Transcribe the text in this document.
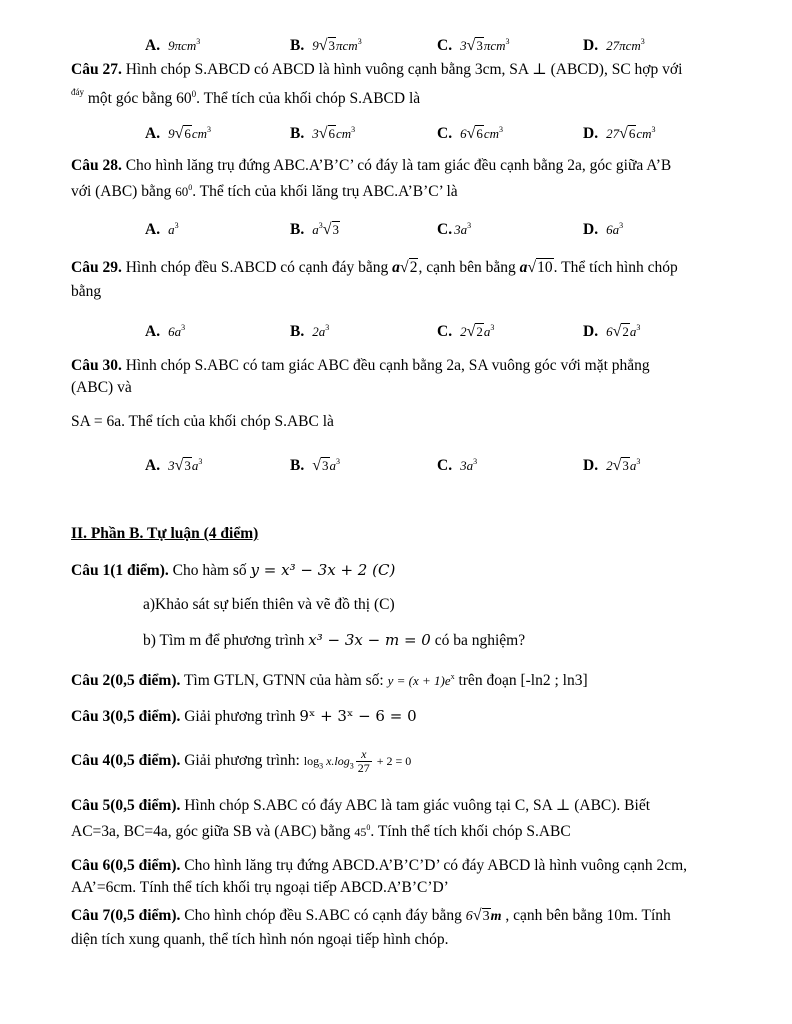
A. 9πcm$^3$	B. 9√3πcm$^3$	C. 3√3πcm$^3$	D. 27πcm$^3$
Câu 27. Hình chóp S.ABCD có ABCD là hình vuông cạnh bằng 3cm, SA ⊥ (ABCD), SC hợp với
$^{đáy}$ một góc bằng $60^0$. Thể tích của khối chóp S.ABCD là
A. $9√6cm^3$	B. $3√6cm^3$	C. $6√6cm^3$	D. $27√6cm^3$
Câu 28. Cho hình lăng trụ đứng ABC.A’B’C’ có đáy là tam giác đều cạnh bằng 2a, góc giữa A’B
với (ABC) bằng $60^0$. Thể tích của khối lăng trụ ABC.A’B’C’ là
A. $a^3$	B. $a^3√3$	C. $3a^3$	D. $6a^3$
Câu 29. Hình chóp đều S.ABCD có cạnh đáy bằng a√2, cạnh bên bằng a√10. Thể tích hình chóp
bằng
A. $6a^3$	B. $2a^3$	C. $2√2a^3$	D. $6√2a^3$
Câu 30. Hình chóp S.ABC có tam giác ABC đều cạnh bằng 2a, SA vuông góc với mặt phẳng
(ABC) và
SA = 6a. Thể tích của khối chóp S.ABC là
A. $3√3a^3$	B. $√3a^3$	C. $3a^3$	D. $2√3a^3$
II. Phần B. Tự luận (4 điểm)
Câu 1(1 điểm). Cho hàm số y = x³ − 3x + 2 (C)
a)Khảo sát sự biến thiên và vẽ đồ thị (C)
b) Tìm m để phương trình x³ − 3x − m = 0 có ba nghiệm?
Câu 2(0,5 điểm). Tìm GTLN, GTNN của hàm số: $y = (x + 1)e^x$ trên đoạn [-ln2 ; ln3]
Câu 3(0,5 điểm). Giải phương trình 9ˣ + 3ˣ − 6 = 0
Câu 4(0,5 điểm). Giải phương trình: $\log_3 x.\log_3 \frac{x}{27} + 2 = 0$
Câu 5(0,5 điểm). Hình chóp S.ABC có đáy ABC là tam giác vuông tại C, SA ⊥ (ABC). Biết
AC=3a, BC=4a, góc giữa SB và (ABC) bằng $45^0$. Tính thể tích khối chóp S.ABC
Câu 6(0,5 điểm). Cho hình lăng trụ đứng ABCD.A’B’C’D’ có đáy ABCD là hình vuông cạnh 2cm,
AA’=6cm. Tính thể tích khối trụ ngoại tiếp ABCD.A’B’C’D’
Câu 7(0,5 điểm). Cho hình chóp đều S.ABC có cạnh đáy bằng 6√3m , cạnh bên bằng 10m. Tính
diện tích xung quanh, thể tích hình nón ngoại tiếp hình chóp.
